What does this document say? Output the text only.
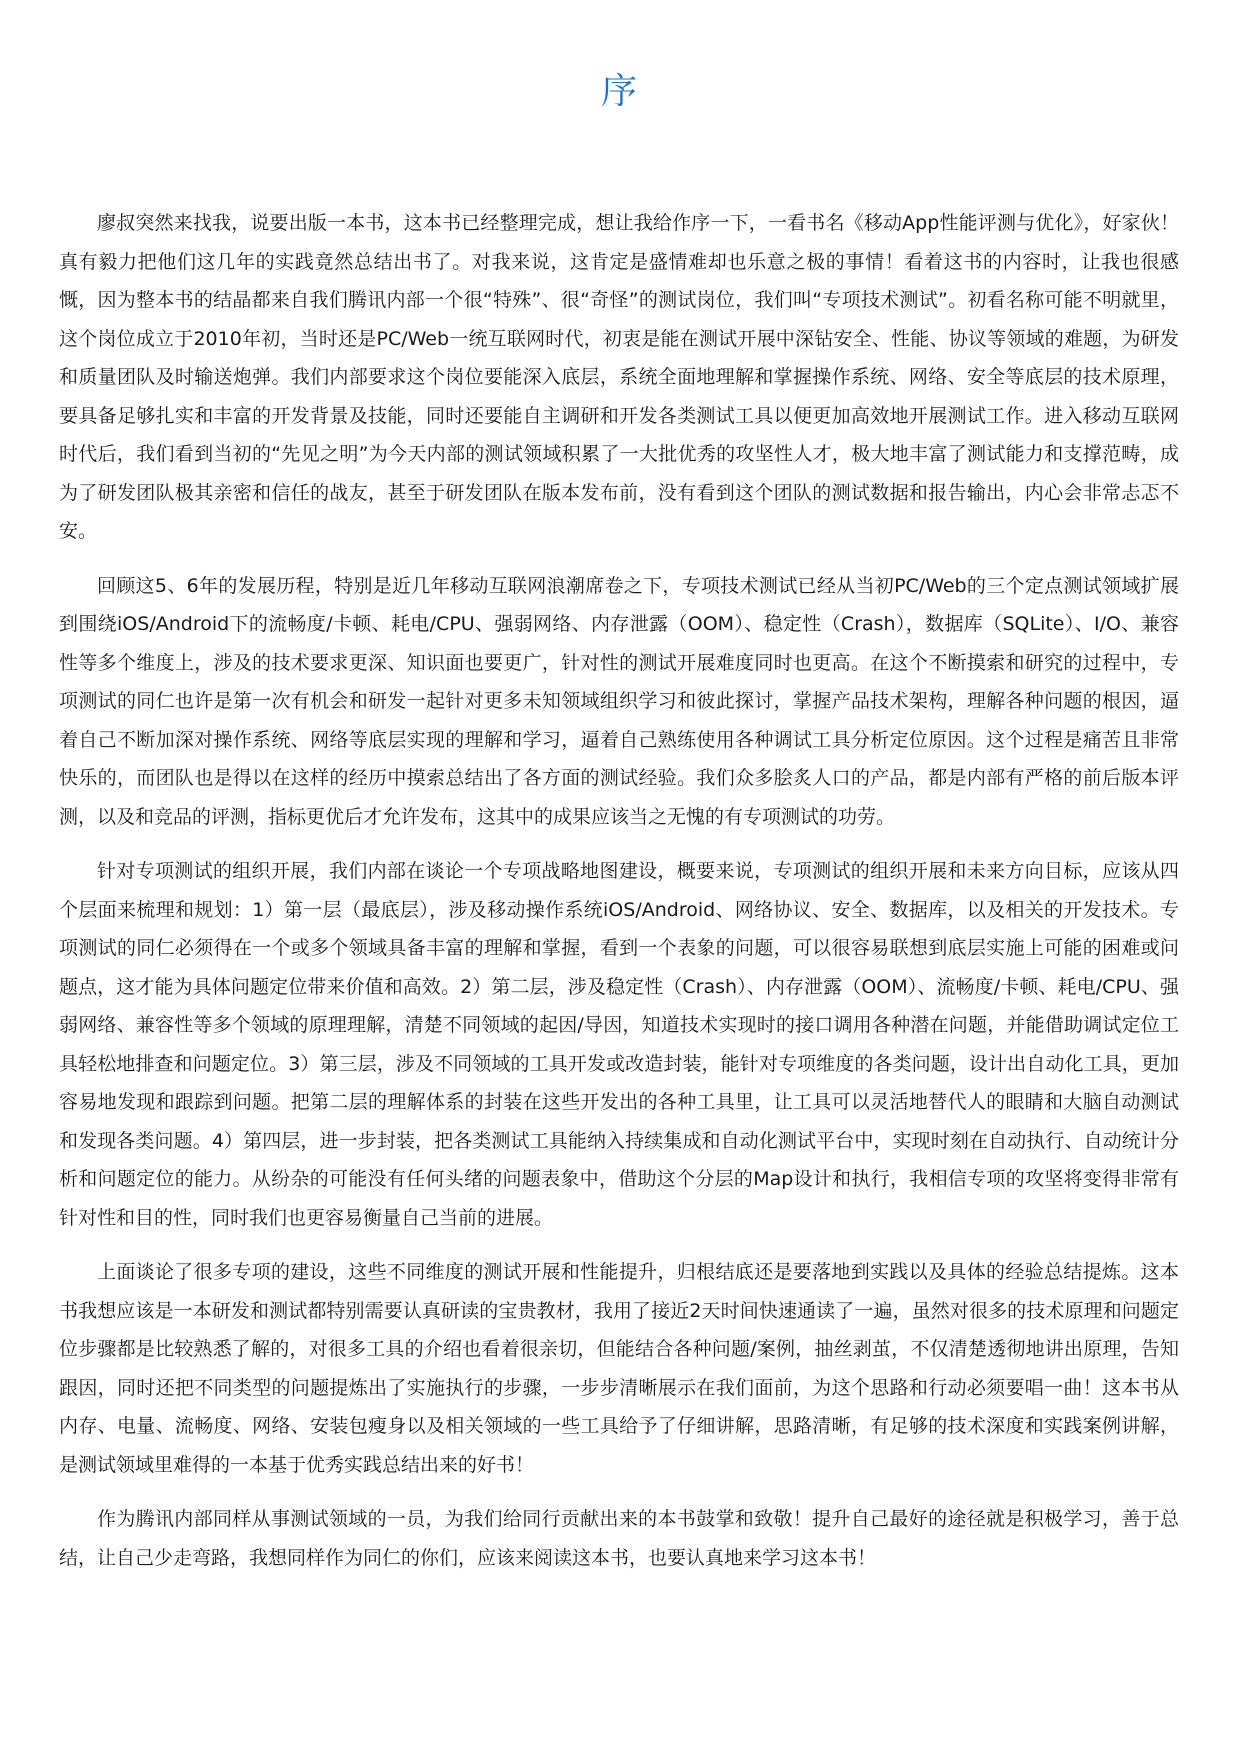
序

廖叔突然来找我，说要出版一本书，这本书已经整理完成，想让我给作序一下，一看书名《移动App性能评测与优化》，好家伙！真有毅力把他们这几年的实践竟然总结出书了。对我来说，这肯定是盛情难却也乐意之极的事情！看着这书的内容时，让我也很感慨，因为整本书的结晶都来自我们腾讯内部一个很“特殊”、很“奇怪”的测试岗位，我们叫“专项技术测试”。初看名称可能不明就里，这个岗位成立于2010年初，当时还是PC/Web一统互联网时代，初衷是能在测试开展中深钻安全、性能、协议等领域的难题，为研发和质量团队及时输送炮弹。我们内部要求这个岗位要能深入底层，系统全面地理解和掌握操作系统、网络、安全等底层的技术原理，要具备足够扎实和丰富的开发背景及技能，同时还要能自主调研和开发各类测试工具以便更加高效地开展测试工作。进入移动互联网时代后，我们看到当初的“先见之明”为今天内部的测试领域积累了一大批优秀的攻坚性人才，极大地丰富了测试能力和支撑范畴，成为了研发团队极其亲密和信任的战友，甚至于研发团队在版本发布前，没有看到这个团队的测试数据和报告输出，内心会非常忐忑不安。

回顾这5、6年的发展历程，特别是近几年移动互联网浪潮席卷之下，专项技术测试已经从当初PC/Web的三个定点测试领域扩展到围绕iOS/Android下的流畅度/卡顿、耗电/CPU、强弱网络、内存泄露（OOM）、稳定性（Crash），数据库（SQLite）、I/O、兼容性等多个维度上，涉及的技术要求更深、知识面也要更广，针对性的测试开展难度同时也更高。在这个不断摸索和研究的过程中，专项测试的同仁也许是第一次有机会和研发一起针对更多未知领域组织学习和彼此探讨，掌握产品技术架构，理解各种问题的根因，逼着自己不断加深对操作系统、网络等底层实现的理解和学习，逼着自己熟练使用各种调试工具分析定位原因。这个过程是痛苦且非常快乐的，而团队也是得以在这样的经历中摸索总结出了各方面的测试经验。我们众多脍炙人口的产品，都是内部有严格的前后版本评测，以及和竞品的评测，指标更优后才允许发布，这其中的成果应该当之无愧的有专项测试的功劳。

针对专项测试的组织开展，我们内部在谈论一个专项战略地图建设，概要来说，专项测试的组织开展和未来方向目标，应该从四个层面来梳理和规划：1）第一层（最底层），涉及移动操作系统iOS/Android、网络协议、安全、数据库，以及相关的开发技术。专项测试的同仁必须得在一个或多个领域具备丰富的理解和掌握，看到一个表象的问题，可以很容易联想到底层实施上可能的困难或问题点，这才能为具体问题定位带来价值和高效。2）第二层，涉及稳定性（Crash）、内存泄露（OOM）、流畅度/卡顿、耗电/CPU、强弱网络、兼容性等多个领域的原理理解，清楚不同领域的起因/导因，知道技术实现时的接口调用各种潜在问题，并能借助调试定位工具轻松地排查和问题定位。3）第三层，涉及不同领域的工具开发或改造封装，能针对专项维度的各类问题，设计出自动化工具，更加容易地发现和跟踪到问题。把第二层的理解体系的封装在这些开发出的各种工具里，让工具可以灵活地替代人的眼睛和大脑自动测试和发现各类问题。4）第四层，进一步封装，把各类测试工具能纳入持续集成和自动化测试平台中，实现时刻在自动执行、自动统计分析和问题定位的能力。从纷杂的可能没有任何头绪的问题表象中，借助这个分层的Map设计和执行，我相信专项的攻坚将变得非常有针对性和目的性，同时我们也更容易衡量自己当前的进展。

上面谈论了很多专项的建设，这些不同维度的测试开展和性能提升，归根结底还是要落地到实践以及具体的经验总结提炼。这本书我想应该是一本研发和测试都特别需要认真研读的宝贵教材，我用了接近2天时间快速通读了一遍，虽然对很多的技术原理和问题定位步骤都是比较熟悉了解的，对很多工具的介绍也看着很亲切，但能结合各种问题/案例，抽丝剥茧，不仅清楚透彻地讲出原理，告知跟因，同时还把不同类型的问题提炼出了实施执行的步骤，一步步清晰展示在我们面前，为这个思路和行动必须要唱一曲！这本书从内存、电量、流畅度、网络、安装包瘦身以及相关领域的一些工具给予了仔细讲解，思路清晰，有足够的技术深度和实践案例讲解，是测试领域里难得的一本基于优秀实践总结出来的好书！

作为腾讯内部同样从事测试领域的一员，为我们给同行贡献出来的本书鼓掌和致敬！提升自己最好的途径就是积极学习，善于总结，让自己少走弯路，我想同样作为同仁的你们，应该来阅读这本书，也要认真地来学习这本书！
